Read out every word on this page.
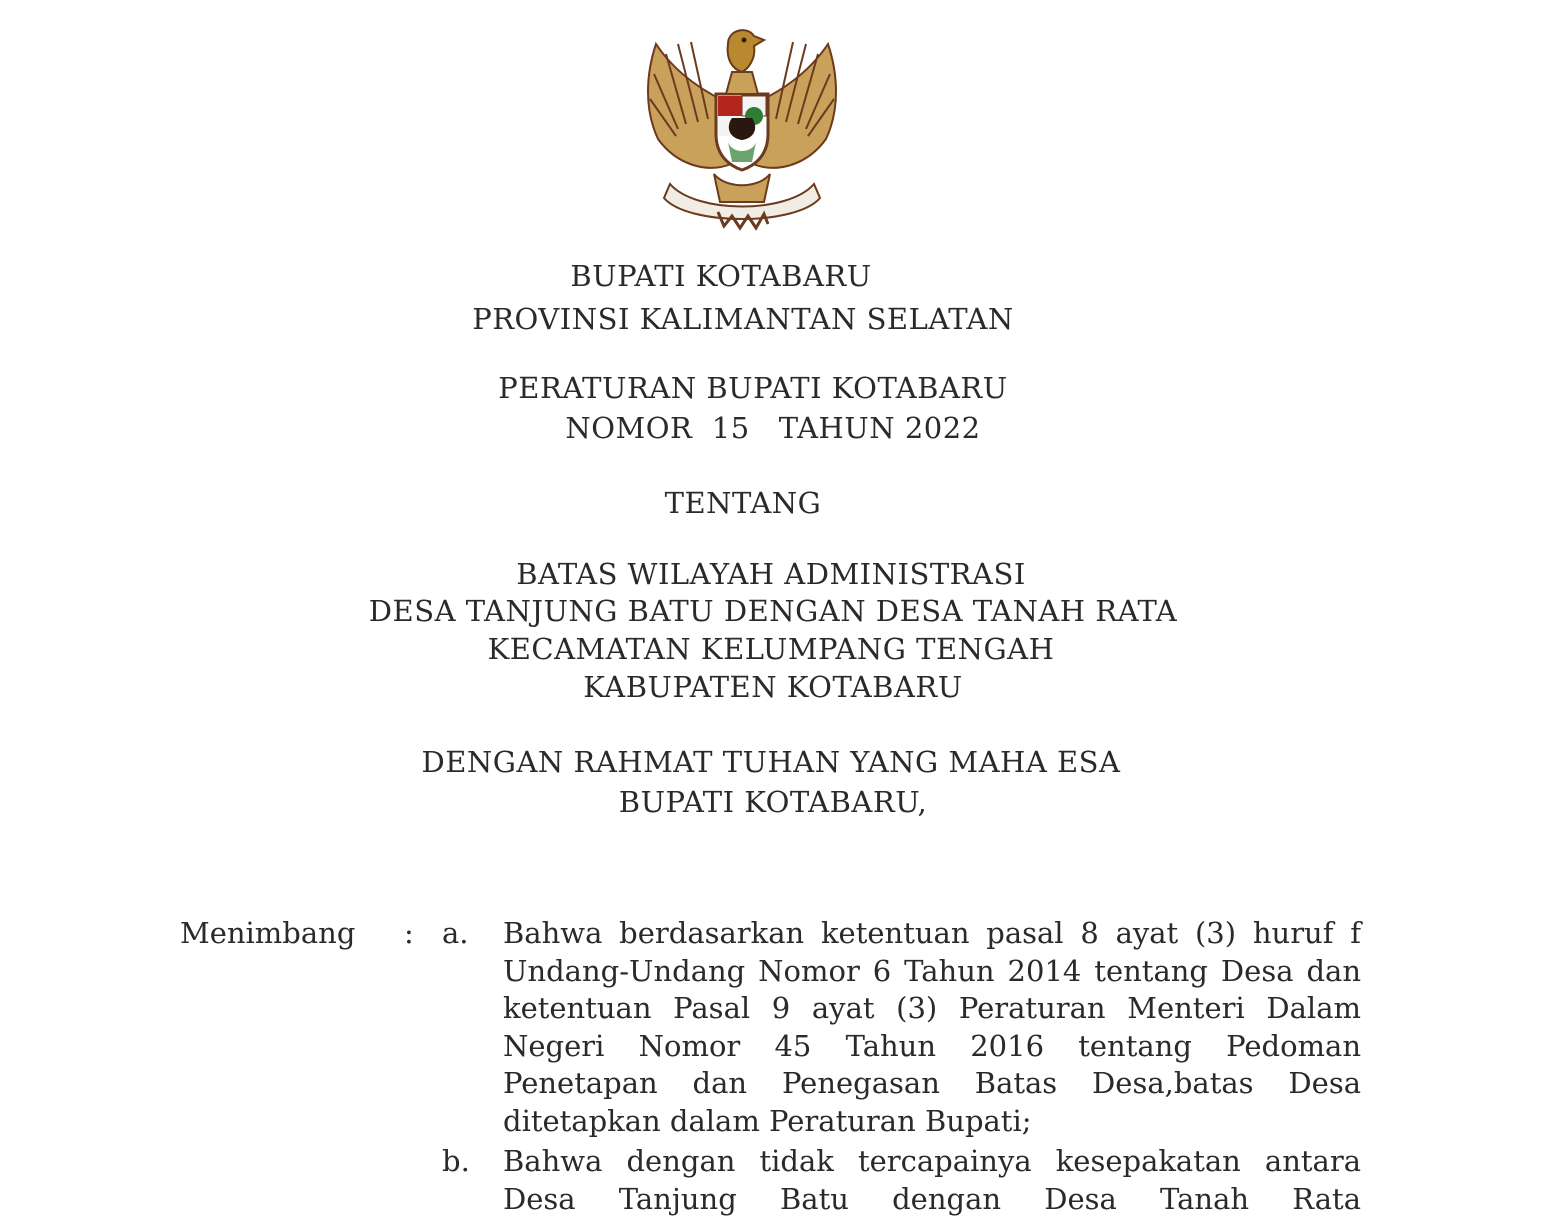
BUPATI KOTABARU
PROVINSI KALIMANTAN SELATAN
PERATURAN BUPATI KOTABARU
NOMOR  15   TAHUN 2022
TENTANG
BATAS WILAYAH ADMINISTRASI
DESA TANJUNG BATU DENGAN DESA TANAH RATA
KECAMATAN KELUMPANG TENGAH
KABUPATEN KOTABARU
DENGAN RAHMAT TUHAN YANG MAHA ESA
BUPATI KOTABARU,
Menimbang : a. Bahwa berdasarkan ketentuan pasal 8 ayat (3) huruf f Undang-Undang Nomor 6 Tahun 2014 tentang Desa dan ketentuan Pasal 9 ayat (3) Peraturan Menteri Dalam Negeri Nomor 45 Tahun 2016 tentang Pedoman Penetapan dan Penegasan Batas Desa,batas Desa ditetapkan dalam Peraturan Bupati;
b. Bahwa dengan tidak tercapainya kesepakatan antara
Desa Tanjung Batu dengan Desa Tanah Rata
